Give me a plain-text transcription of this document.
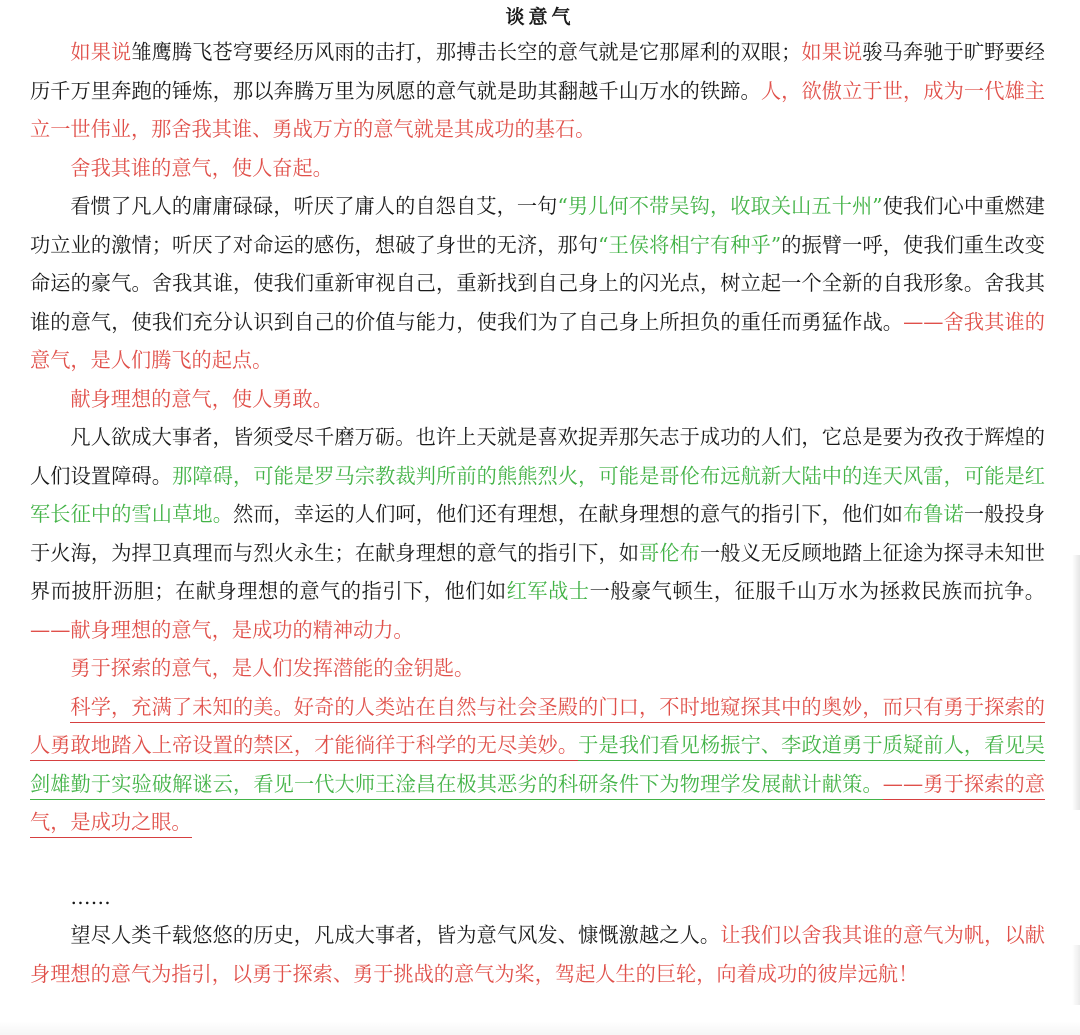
谈意气

如果说雏鹰腾飞苍穹要经历风雨的击打，那搏击长空的意气就是它那犀利的双眼；如果说骏马奔驰于旷野要经历千万里奔跑的锤炼，那以奔腾万里为夙愿的意气就是助其翻越千山万水的铁蹄。人，欲傲立于世，成为一代雄主立一世伟业，那舍我其谁、勇战万方的意气就是其成功的基石。

舍我其谁的意气，使人奋起。

看惯了凡人的庸庸碌碌，听厌了庸人的自怨自艾，一句“男儿何不带吴钩，收取关山五十州”使我们心中重燃建功立业的激情；听厌了对命运的感伤，想破了身世的无济，那句“王侯将相宁有种乎”的振臂一呼，使我们重生改变命运的豪气。舍我其谁，使我们重新审视自己，重新找到自己身上的闪光点，树立起一个全新的自我形象。舍我其谁的意气，使我们充分认识到自己的价值与能力，使我们为了自己身上所担负的重任而勇猛作战。——舍我其谁的意气，是人们腾飞的起点。

献身理想的意气，使人勇敢。

凡人欲成大事者，皆须受尽千磨万砺。也许上天就是喜欢捉弄那矢志于成功的人们，它总是要为孜孜于辉煌的人们设置障碍。那障碍，可能是罗马宗教裁判所前的熊熊烈火，可能是哥伦布远航新大陆中的连天风雷，可能是红军长征中的雪山草地。然而，幸运的人们呵，他们还有理想，在献身理想的意气的指引下，他们如布鲁诺一般投身于火海，为捍卫真理而与烈火永生；在献身理想的意气的指引下，如哥伦布一般义无反顾地踏上征途为探寻未知世界而披肝沥胆；在献身理想的意气的指引下，他们如红军战士一般豪气顿生，征服千山万水为拯救民族而抗争。——献身理想的意气，是成功的精神动力。

勇于探索的意气，是人们发挥潜能的金钥匙。

科学，充满了未知的美。好奇的人类站在自然与社会圣殿的门口，不时地窥探其中的奥妙，而只有勇于探索的人勇敢地踏入上帝设置的禁区，才能徜徉于科学的无尽美妙。于是我们看见杨振宁、李政道勇于质疑前人，看见吴剑雄勤于实验破解谜云，看见一代大师王淦昌在极其恶劣的科研条件下为物理学发展献计献策。——勇于探索的意气，是成功之眼。

……

望尽人类千载悠悠的历史，凡成大事者，皆为意气风发、慷慨激越之人。让我们以舍我其谁的意气为帆，以献身理想的意气为指引，以勇于探索、勇于挑战的意气为桨，驾起人生的巨轮，向着成功的彼岸远航！
